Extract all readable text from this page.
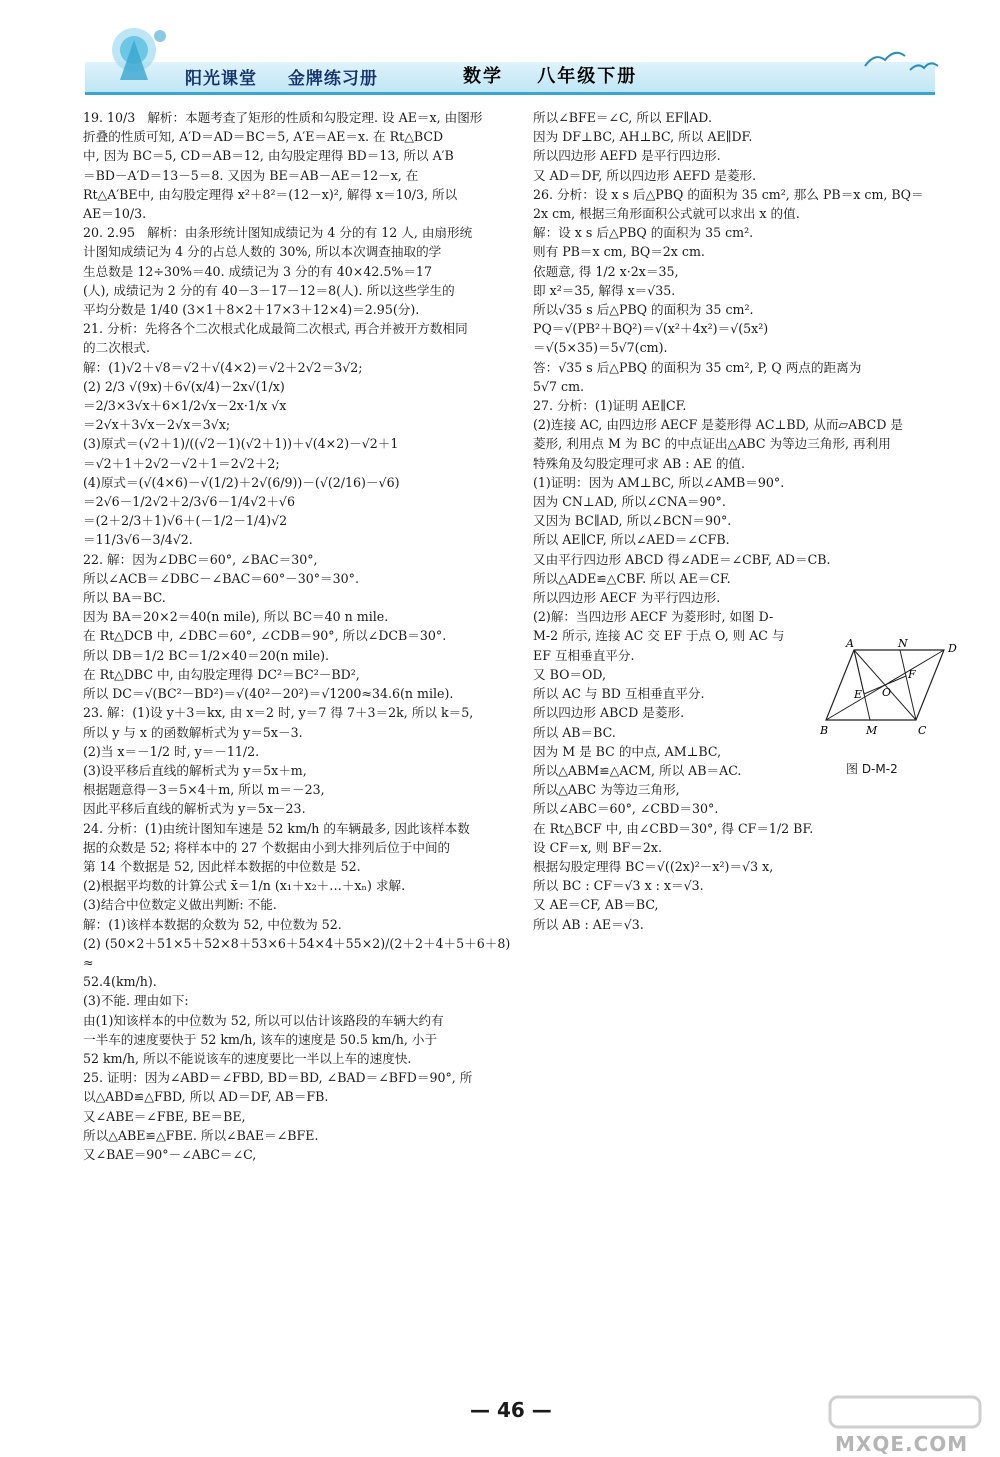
阳光课堂 金牌练习册	数学 八年级下册

19. 10/3   解析：本题考查了矩形的性质和勾股定理. 设 AE＝x, 由图形

折叠的性质可知, A′D＝AD＝BC＝5, A′E＝AE＝x. 在 Rt△BCD

中, 因为 BC＝5, CD＝AB＝12, 由勾股定理得 BD＝13, 所以 A′B

＝BD－A′D＝13－5＝8. 又因为 BE＝AB－AE＝12－x, 在

Rt△A′BE中, 由勾股定理得 x²＋8²＝(12－x)², 解得 x＝10/3, 所以

AE＝10/3.

20. 2.95   解析：由条形统计图知成绩记为 4 分的有 12 人, 由扇形统

计图知成绩记为 4 分的占总人数的 30%, 所以本次调查抽取的学

生总数是 12÷30%＝40. 成绩记为 3 分的有 40×42.5%＝17

(人), 成绩记为 2 分的有 40－3－17－12＝8(人). 所以这些学生的

平均分数是 1/40 (3×1＋8×2＋17×3＋12×4)＝2.95(分).

21. 分析：先将各个二次根式化成最简二次根式, 再合并被开方数相同

的二次根式.

解：(1)√2＋√8＝√2＋√(4×2)＝√2＋2√2＝3√2;

(2) 2/3 √(9x)＋6√(x/4)－2x√(1/x)

＝2/3×3√x＋6×1/2√x－2x·1/x √x

＝2√x＋3√x－2√x＝3√x;

(3)原式＝(√2＋1)/((√2－1)(√2＋1))＋√(4×2)－√2＋1

＝√2＋1＋2√2－√2＋1＝2√2＋2;

(4)原式＝(√(4×6)－√(1/2)＋2√(6/9))－(√(2/16)－√6)

＝2√6－1/2√2＋2/3√6－1/4√2＋√6

＝(2＋2/3＋1)√6＋(－1/2－1/4)√2

＝11/3√6－3/4√2.

22. 解：因为∠DBC＝60°, ∠BAC＝30°,

所以∠ACB＝∠DBC－∠BAC＝60°－30°＝30°.

所以 BA＝BC.

因为 BA＝20×2＝40(n mile), 所以 BC＝40 n mile.

在 Rt△DCB 中, ∠DBC＝60°, ∠CDB＝90°, 所以∠DCB＝30°.

所以 DB＝1/2 BC＝1/2×40＝20(n mile).

在 Rt△DBC 中, 由勾股定理得 DC²＝BC²－BD²,

所以 DC＝√(BC²－BD²)＝√(40²－20²)＝√1200≈34.6(n mile).

23. 解：(1)设 y＋3＝kx, 由 x＝2 时, y＝7 得 7＋3＝2k, 所以 k＝5,

所以 y 与 x 的函数解析式为 y＝5x－3.

(2)当 x＝－1/2 时, y＝－11/2.

(3)设平移后直线的解析式为 y＝5x＋m,

根据题意得－3＝5×4＋m, 所以 m＝－23,

因此平移后直线的解析式为 y＝5x－23.

24. 分析：(1)由统计图知车速是 52 km/h 的车辆最多, 因此该样本数

据的众数是 52; 将样本中的 27 个数据由小到大排列后位于中间的

第 14 个数据是 52, 因此样本数据的中位数是 52.

(2)根据平均数的计算公式 x̄＝1/n (x₁＋x₂＋…＋xₙ) 求解.

(3)结合中位数定义做出判断: 不能.

解：(1)该样本数据的众数为 52, 中位数为 52.

(2) (50×2＋51×5＋52×8＋53×6＋54×4＋55×2)/(2＋2＋4＋5＋6＋8) ≈

52.4(km/h).

(3)不能. 理由如下:

由(1)知该样本的中位数为 52, 所以可以估计该路段的车辆大约有

一半车的速度要快于 52 km/h, 该车的速度是 50.5 km/h, 小于

52 km/h, 所以不能说该车的速度要比一半以上车的速度快.

25. 证明：因为∠ABD＝∠FBD, BD＝BD, ∠BAD＝∠BFD＝90°, 所

以△ABD≌△FBD, 所以 AD＝DF, AB＝FB.

又∠ABE＝∠FBE, BE＝BE,

所以△ABE≌△FBE. 所以∠BAE＝∠BFE.

又∠BAE＝90°－∠ABC＝∠C,

所以∠BFE＝∠C, 所以 EF∥AD.

因为 DF⊥BC, AH⊥BC, 所以 AE∥DF.

所以四边形 AEFD 是平行四边形.

又 AD＝DF, 所以四边形 AEFD 是菱形.

26. 分析：设 x s 后△PBQ 的面积为 35 cm², 那么 PB＝x cm, BQ＝

2x cm, 根据三角形面积公式就可以求出 x 的值.

解：设 x s 后△PBQ 的面积为 35 cm².

则有 PB＝x cm, BQ＝2x cm.

依题意, 得 1/2 x·2x＝35,

即 x²＝35, 解得 x＝√35.

所以√35 s 后△PBQ 的面积为 35 cm².

PQ＝√(PB²＋BQ²)＝√(x²＋4x²)＝√(5x²)

＝√(5×35)＝5√7(cm).

答：√35 s 后△PBQ 的面积为 35 cm², P, Q 两点的距离为

5√7 cm.

27. 分析：(1)证明 AE∥CF.

(2)连接 AC, 由四边形 AECF 是菱形得 AC⊥BD, 从而▱ABCD 是

菱形, 利用点 M 为 BC 的中点证出△ABC 为等边三角形, 再利用

特殊角及勾股定理可求 AB : AE 的值.

(1)证明：因为 AM⊥BC, 所以∠AMB＝90°.

因为 CN⊥AD, 所以∠CNA＝90°.

又因为 BC∥AD, 所以∠BCN＝90°.

所以 AE∥CF, 所以∠AED＝∠CFB.

又由平行四边形 ABCD 得∠ADE＝∠CBF, AD＝CB.

所以△ADE≌△CBF. 所以 AE＝CF.

所以四边形 AECF 为平行四边形.

(2)解：当四边形 AECF 为菱形时, 如图 D-

M-2 所示, 连接 AC 交 EF 于点 O, 则 AC 与

EF 互相垂直平分.

又 BO＝OD,

所以 AC 与 BD 互相垂直平分.

所以四边形 ABCD 是菱形.

所以 AB＝BC.

因为 M 是 BC 的中点, AM⊥BC,

所以△ABM≌△ACM, 所以 AB＝AC.

所以△ABC 为等边三角形,

所以∠ABC＝60°, ∠CBD＝30°.

在 Rt△BCF 中, 由∠CBD＝30°, 得 CF＝1/2 BF.

设 CF＝x, 则 BF＝2x.

根据勾股定理得 BC＝√((2x)²－x²)＝√3 x,

所以 BC : CF＝√3 x : x＝√3.

又 AE＝CF, AB＝BC,

所以 AB : AE＝√3.

A	N	D
E
F
O
B	M	C
图 D-M-2
— 46 —
MXQE.COM
